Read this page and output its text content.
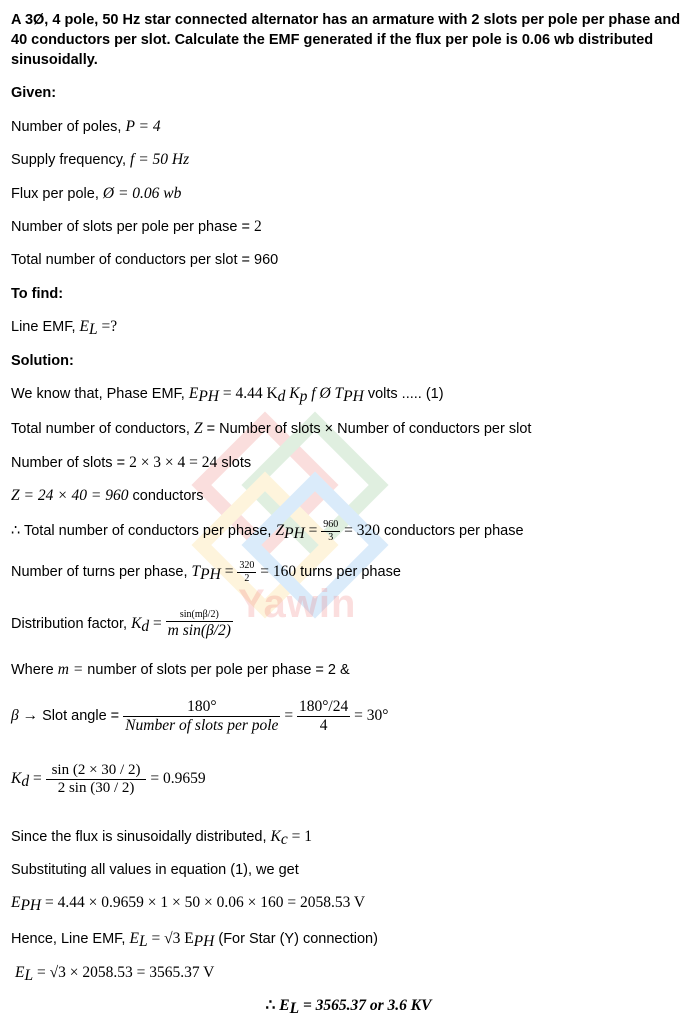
Yawin
A 3Ø, 4 pole, 50 Hz star connected alternator has an armature with 2 slots per pole per phase and
40 conductors per slot. Calculate the EMF generated if the flux per pole is 0.06 wb distributed
sinusoidally.
Given:
Number of poles, P = 4
Supply frequency, f = 50 Hz
Flux per pole, Ø = 0.06 wb
Number of slots per pole per phase = 2
Total number of conductors per slot = 960
To find:
Line EMF, $E_L$ =?
Solution:
We know that, Phase EMF, $E_{PH} = 4.44$ $K_d$ $K_p$ f Ø $T_{PH}$ volts ..... (1)
Total number of conductors, Z = Number of slots × Number of conductors per slot
Number of slots = 2 × 3 × 4 = 24 slots
Z = 24 × 40 = 960 conductors
∴ Total number of conductors per phase, $Z_{PH} = \frac{960}{3} = 320$ conductors per phase
Number of turns per phase, $T_{PH} = \frac{320}{2} = 160$ turns per phase
Distribution factor, $K_d = \frac{\sin(m\beta/2)}{\text{m sin(β/2)}}$
Where m = number of slots per pole per phase = 2 &
β → Slot angle = $\frac{180^\circ}{\text{Number of slots per pole}} = \frac{180^\circ/24}{4} = 30^\circ$
$K_d = \frac{\sin (2 \times 30 / 2)}{2 \sin (30 / 2)} = 0.9659$
Since the flux is sinusoidally distributed, $K_c = 1$
Substituting all values in equation (1), we get
$E_{PH} = 4.44 \times 0.9659 \times 1 \times 50 \times 0.06 \times 160 = 2058.53$ V
Hence, Line EMF, $E_L = √3$ $E_{PH}$ (For Star (Y) connection)
$E_L = √3 \times 2058.53 = 3565.37$ V
∴ $E_L = 3565.37$ or 3.6 KV
